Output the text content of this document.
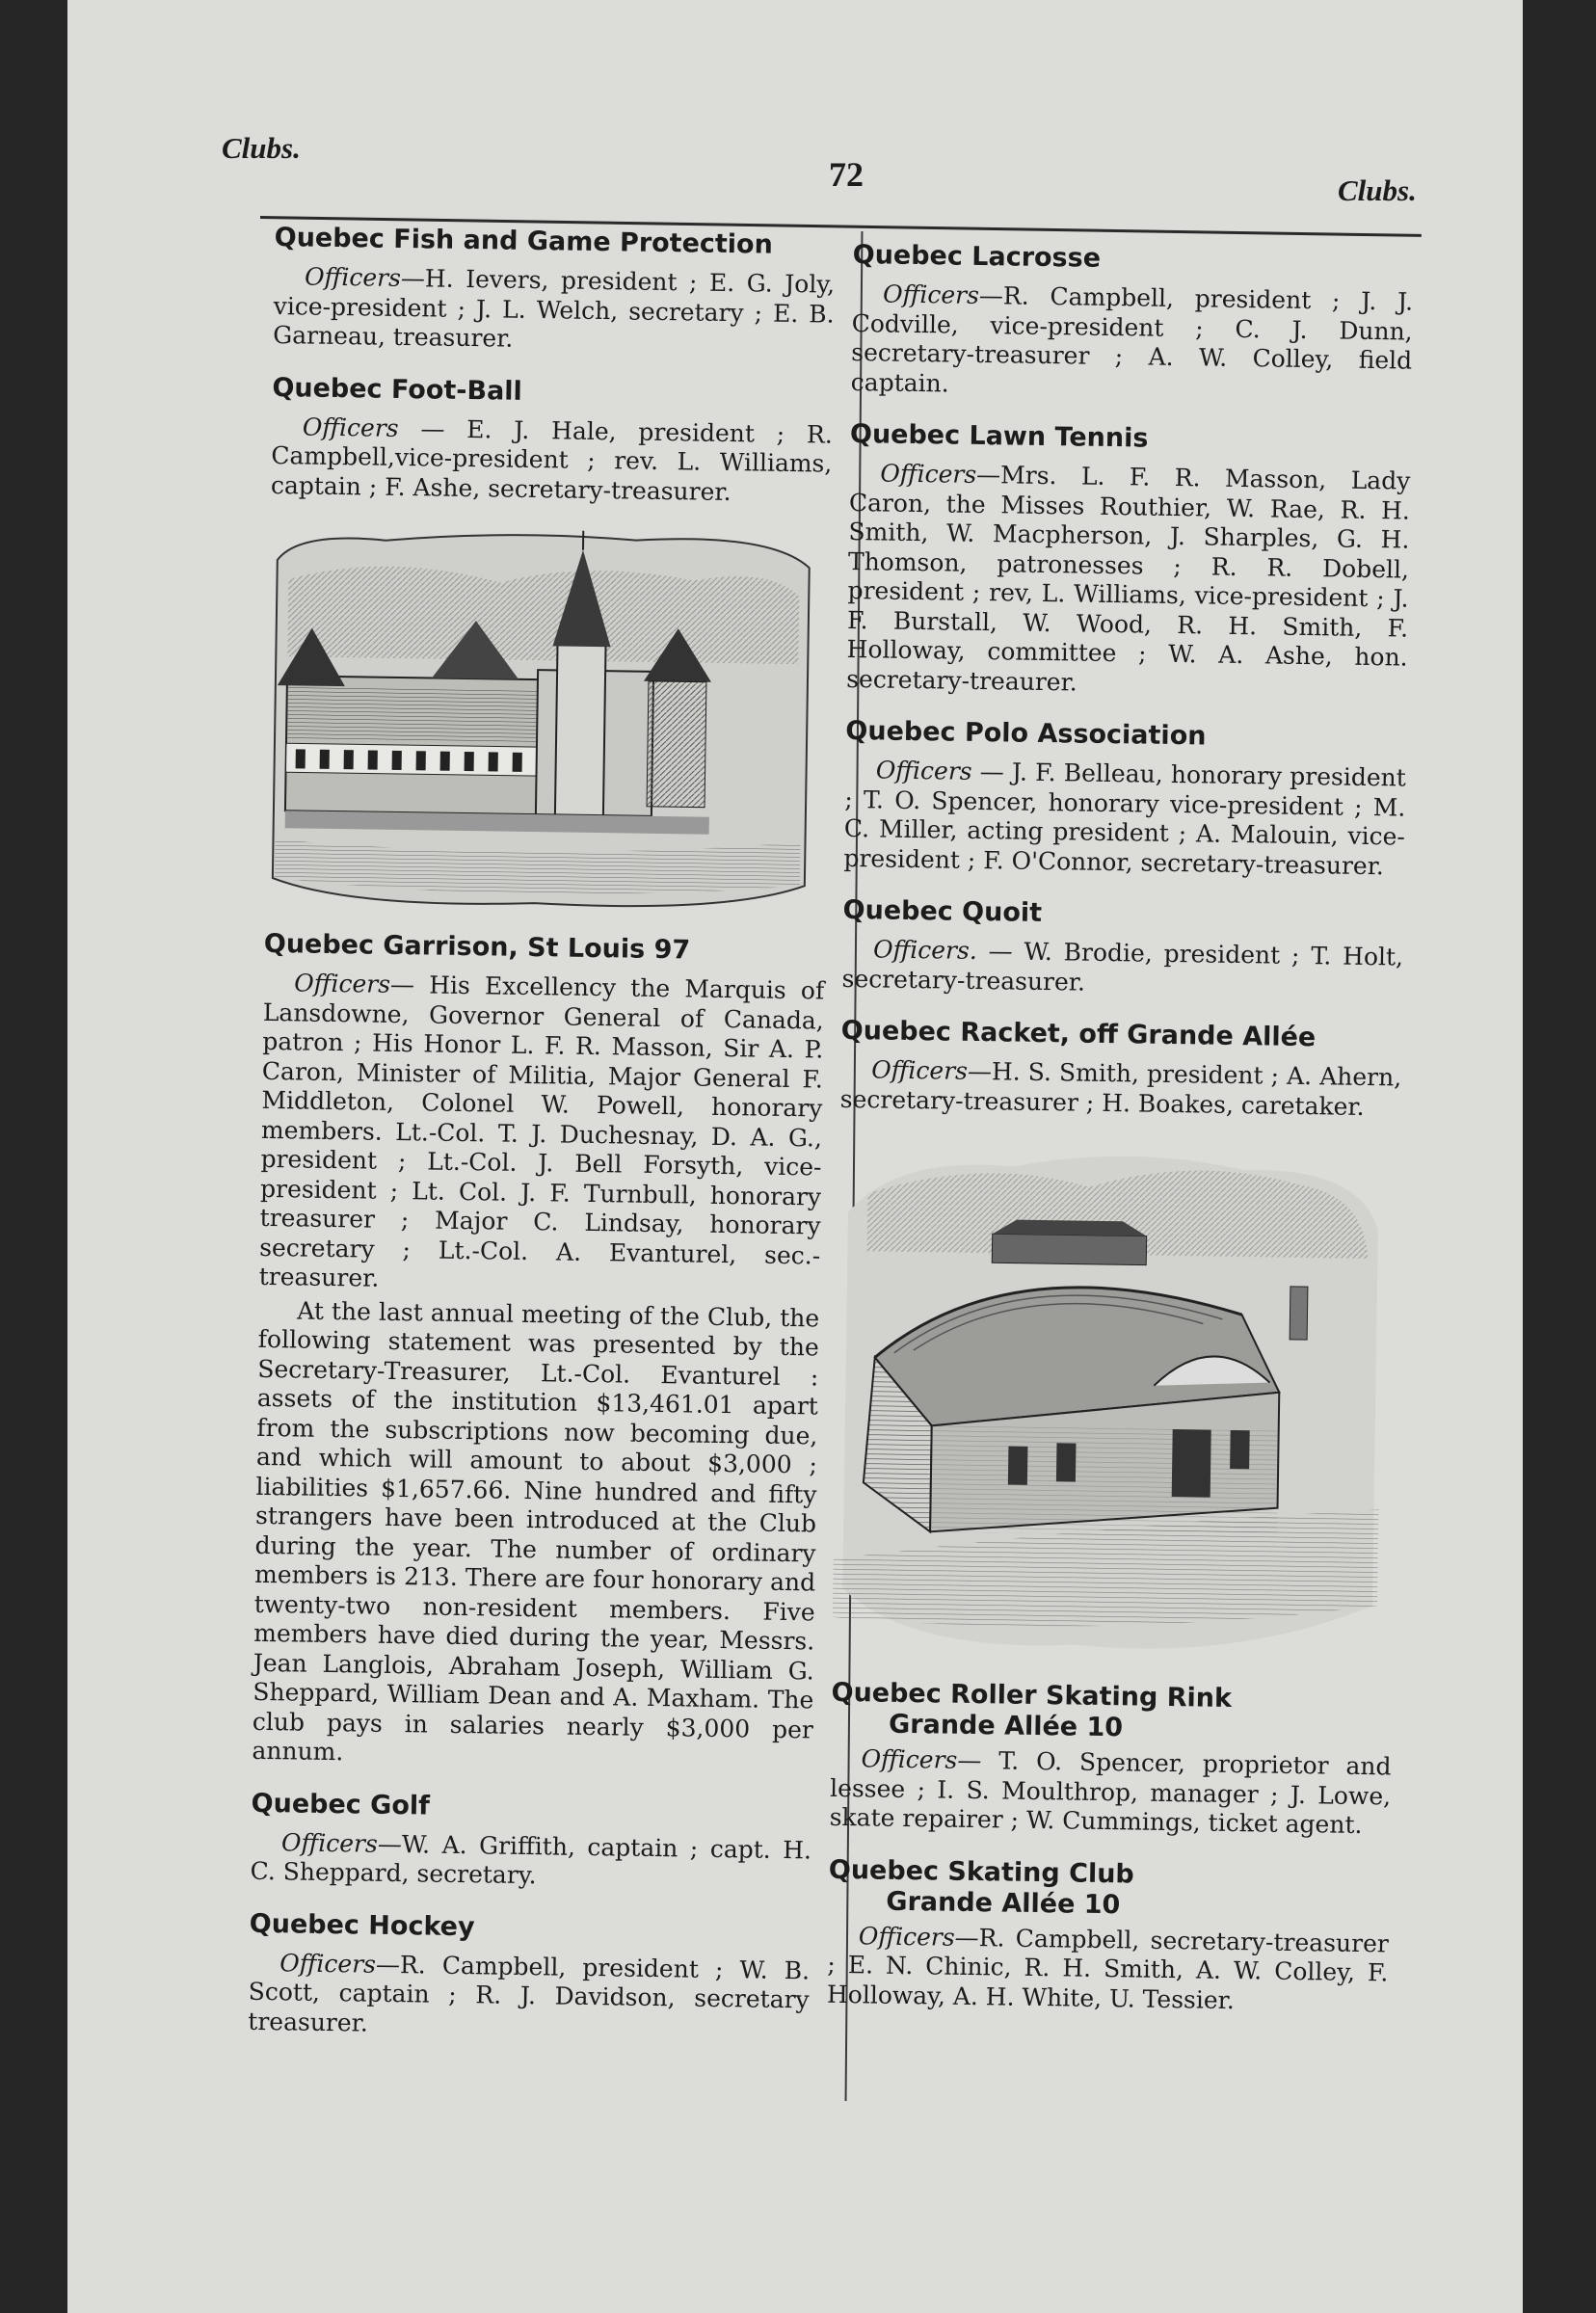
Clubs.
72	Clubs.
Quebec Fish and Game Protection
Officers—H. Ievers, president ; E. G. Joly, vice-president ; J. L. Welch, secretary ; E. B. Garneau, treasurer.
Quebec Foot-Ball
Officers — E. J. Hale, president ; R. Campbell,vice-president ; rev. L. Williams, captain ; F. Ashe, secretary-treasurer.
Quebec Garrison, St Louis 97
Officers— His Excellency the Marquis of Lansdowne, Governor General of Canada, patron ; His Honor L. F. R. Masson, Sir A. P. Caron, Minister of Militia, Major General F. Middleton, Colonel W. Powell, honorary members. Lt.-Col. T. J. Duchesnay, D. A. G., president ; Lt.-Col. J. Bell Forsyth, vice-president ; Lt. Col. J. F. Turnbull, honorary treasurer ; Major C. Lindsay, honorary secretary ; Lt.-Col. A. Evanturel, sec.-treasurer.
At the last annual meeting of the Club, the following statement was presented by the Secretary-Treasurer, Lt.-Col. Evanturel : assets of the institution $13,461.01 apart from the subscriptions now becoming due, and which will amount to about $3,000 ; liabilities $1,657.66. Nine hundred and fifty strangers have been introduced at the Club during the year. The number of ordinary members is 213. There are four honorary and twenty-two non-resident members. Five members have died during the year, Messrs. Jean Langlois, Abraham Joseph, William G. Sheppard, William Dean and A. Maxham. The club pays in salaries nearly $3,000 per annum.
Quebec Golf
Officers—W. A. Griffith, captain ; capt. H. C. Sheppard, secretary.
Quebec Hockey
Officers—R. Campbell, president ; W. B. Scott, captain ; R. J. Davidson, secretary treasurer.
Quebec Lacrosse
Officers—R. Campbell, president ; J. J. Codville, vice-president ; C. J. Dunn, secretary-treasurer ; A. W. Colley, field captain.
Quebec Lawn Tennis
Officers—Mrs. L. F. R. Masson, Lady Caron, the Misses Routhier, W. Rae, R. H. Smith, W. Macpherson, J. Sharples, G. H. Thomson, patronesses ; R. R. Dobell, president ; rev, L. Williams, vice-president ; J. F. Burstall, W. Wood, R. H. Smith, F. Holloway, committee ; W. A. Ashe, hon. secretary-treaurer.
Quebec Polo Association
Officers — J. F. Belleau, honorary president ; T. O. Spencer, honorary vice-president ; M. C. Miller, acting president ; A. Malouin, vice-president ; F. O'Connor, secretary-treasurer.
Quebec Quoit
Officers. — W. Brodie, president ; T. Holt, secretary-treasurer.
Quebec Racket, off Grande Allée
Officers—H. S. Smith, president ; A. Ahern, secretary-treasurer ; H. Boakes, caretaker.
Quebec Roller Skating Rink
Grande Allée 10
Officers— T. O. Spencer, proprietor and lessee ; I. S. Moulthrop, manager ; J. Lowe, skate repairer ; W. Cummings, ticket agent.
Quebec Skating Club
Grande Allée 10
Officers—R. Campbell, secretary-treasurer ; E. N. Chinic, R. H. Smith, A. W. Colley, F. Holloway, A. H. White, U. Tessier.
